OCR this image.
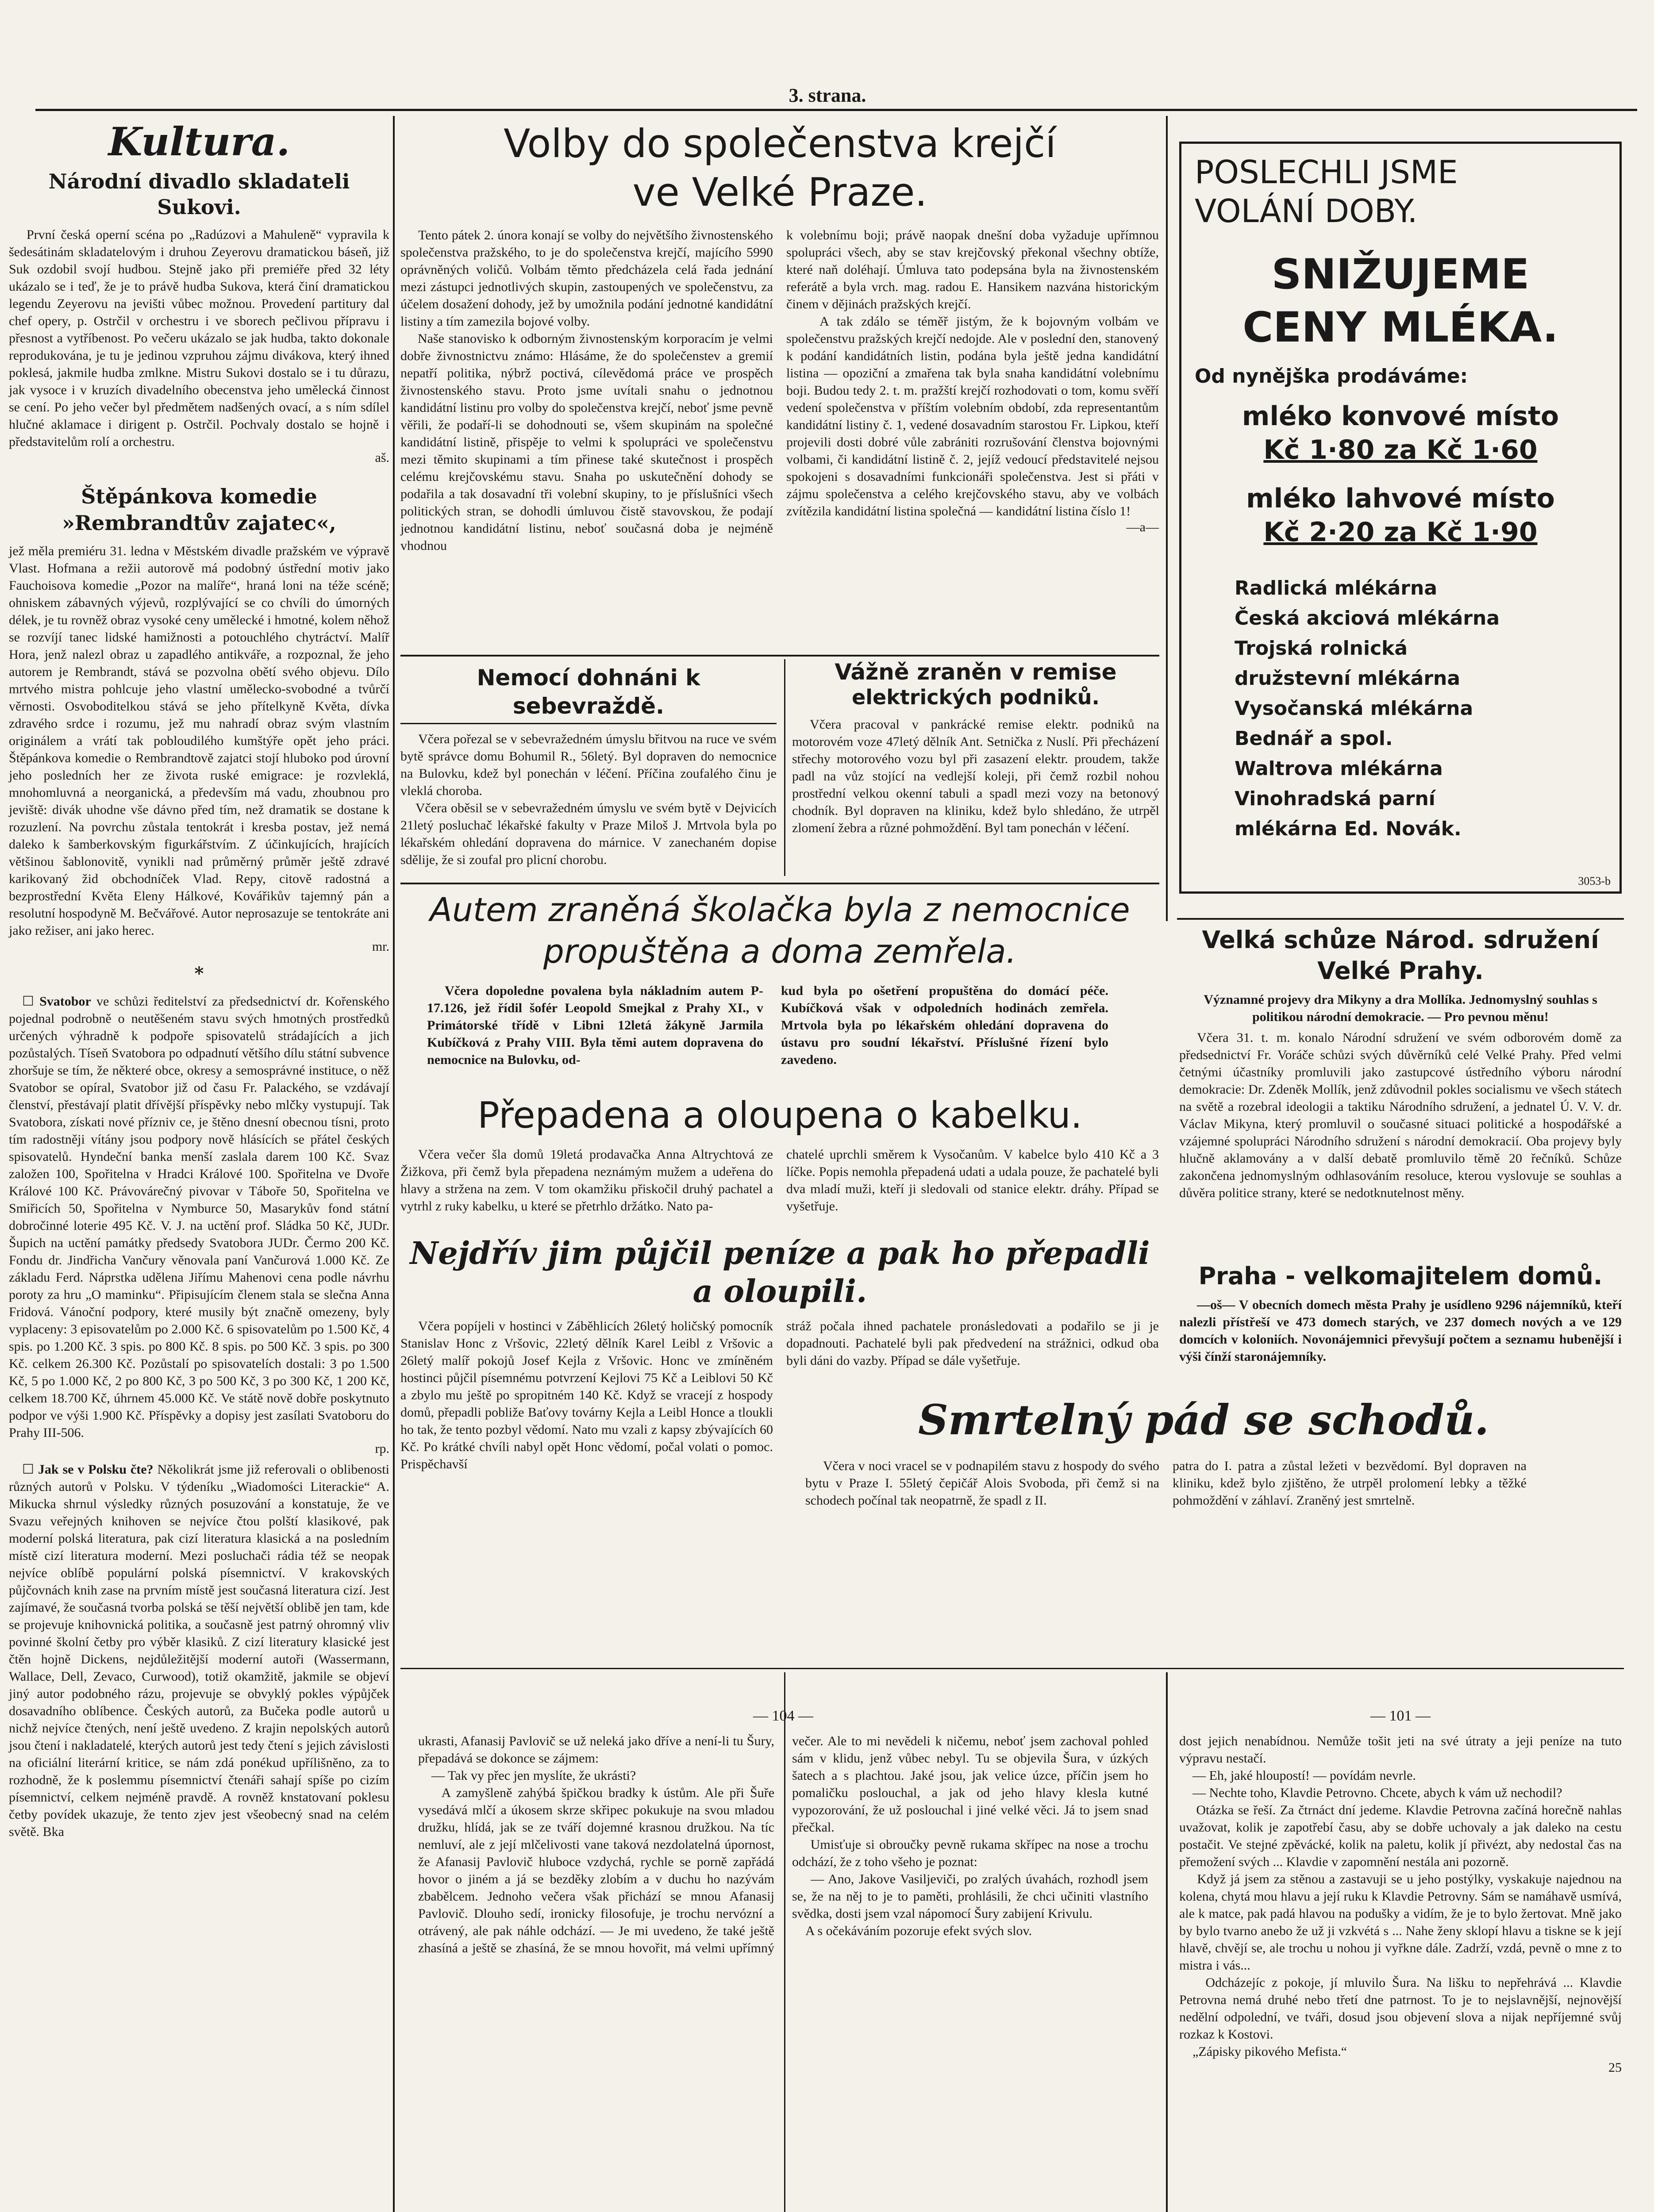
3. strana.
Kultura.
Národní divadlo skladateli Sukovi.

První česká operní scéna po „Radúzovi a Mahuleně“ vypravila k šedesátinám skladatelovým i druhou Zeyerovu dramatickou báseň, již Suk ozdobil svojí hudbou. Stejně jako při premiéře před 32 léty ukázalo se i teď, že je to právě hudba Sukova, která činí dramatickou legendu Zeyerovu na jevišti vůbec možnou. Provedení partitury dal chef opery, p. Ostrčil v orchestru i ve sborech pečlivou přípravu i přesnost a vytříbenost. Po večeru ukázalo se jak hudba, takto dokonale reprodukována, je tu je jedinou vzpruhou zájmu divákova, který ihned poklesá, jakmile hudba zmlkne. Mistru Sukovi dostalo se i tu důrazu, jak vysoce i v kruzích divadelního obecenstva jeho umělecká činnost se cení. Po jeho večer byl předmětem nadšených ovací, a s ním sdílel hlučné aklamace i dirigent p. Ostrčil. Pochvaly dostalo se hojně i představitelům rolí a orchestru.

aš.
Štěpánkova komedie »Rembrandtův zajatec«,

jež měla premiéru 31. ledna v Městském divadle pražském ve výpravě Vlast. Hofmana a režii autorově má podobný ústřední motiv jako Fauchoisova komedie „Pozor na malíře“, hraná loni na téže scéně; ohniskem zábavných výjevů, rozplývající se co chvíli do úmorných délek, je tu rovněž obraz vysoké ceny umělecké i hmotné, kolem něhož se rozvíjí tanec lidské hamižnosti a potouchlého chytráctví. Malíř Hora, jenž nalezl obraz u zapadlého antikváře, a rozpoznal, že jeho autorem je Rembrandt, stává se pozvolna obětí svého objevu. Dílo mrtvého mistra pohlcuje jeho vlastní umělecko-svobodné a tvůrčí věrnosti. Osvoboditelkou stává se jeho přítelkyně Květa, dívka zdravého srdce i rozumu, jež mu nahradí obraz svým vlastním originálem a vrátí tak pobloudilého kumštýře opět jeho práci. Štěpánkova komedie o Rembrandtově zajatci stojí hluboko pod úrovní jeho posledních her ze života ruské emigrace: je rozvleklá, mnohomluvná a neorganická, a především má vadu, zhoubnou pro jeviště: divák uhodne vše dávno před tím, než dramatik se dostane k rozuzlení. Na povrchu zůstala tentokrát i kresba postav, jež nemá daleko k šamberkovským figurkářstvím. Z účinkujících, hrajících většinou šablonovitě, vynikli nad průměrný průměr ještě zdravé karikovaný žid obchodníček Vlad. Repy, citově radostná a bezprostřední Květa Eleny Hálkové, Kovářikův tajemný pán a resolutní hospodyně M. Bečvářové. Autor neprosazuje se tentokráte ani jako režiser, ani jako herec.

mr.
*

☐ Svatobor ve schůzi ředitelství za předsednictví dr. Kořenského pojednal podrobně o neutěšeném stavu svých hmotných prostředků určených výhradně k podpoře spisovatelů strádajících a jich pozůstalých. Tíseň Svatobora po odpadnutí většího dílu státní subvence zhoršuje se tím, že některé obce, okresy a semosprávné instituce, o něž Svatobor se opíral, Svatobor již od času Fr. Palackého, se vzdávají členství, přestávají platit dřívější příspěvky nebo mlčky vystupují. Tak Svatobora, získati nové přízniv ce, je štěno dnesní obecnou tísni, proto tím radostněji vítány jsou podpory nově hlásících se přátel českých spisovatelů. Hyndeční banka menší zaslala darem 100 Kč. Svaz založen 100, Spořitelna v Hradci Králové 100. Spořitelna ve Dvoře Králové 100 Kč. Právovárečný pivovar v Táboře 50, Spořitelna ve Smiřicích 50, Spořitelna v Nymburce 50, Masarykův fond státní dobročinné loterie 495 Kč. V. J. na uctění prof. Sládka 50 Kč, JUDr. Šupich na uctění památky předsedy Svatobora JUDr. Čermo 200 Kč. Fondu dr. Jindřicha Vančury věnovala paní Vančurová 1.000 Kč. Ze základu Ferd. Náprstka udělena Jiřímu Mahenovi cena podle návrhu poroty za hru „O maminku“. Připisujícím členem stala se slečna Anna Fridová. Vánoční podpory, které musily být značně omezeny, byly vyplaceny: 3 episovatelům po 2.000 Kč. 6 spisovatelům po 1.500 Kč, 4 spis. po 1.200 Kč. 3 spis. po 800 Kč. 8 spis. po 500 Kč. 3 spis. po 300 Kč. celkem 26.300 Kč. Pozůstalí po spisovatelích dostali: 3 po 1.500 Kč, 5 po 1.000 Kč, 2 po 800 Kč, 3 po 500 Kč, 3 po 300 Kč, 1 200 Kč, celkem 18.700 Kč, úhrnem 45.000 Kč. Ve státě nově dobře poskytnuto podpor ve výši 1.900 Kč. Příspěvky a dopisy jest zasílati Svatoboru do Prahy III-506.

rp.

☐ Jak se v Polsku čte? Několikrát jsme již referovali o oblibenosti různých autorů v Polsku. V týdeníku „Wiadomości Literackie“ A. Mikucka shrnul výsledky různých posuzování a konstatuje, že ve Svazu veřejných knihoven se nejvíce čtou polští klasikové, pak moderní polská literatura, pak cizí literatura klasická a na posledním místě cizí literatura moderní. Mezi posluchači rádia též se neopak nejvíce oblíbě populární polská písemnictví. V krakovských půjčovnách knih zase na prvním místě jest současná literatura cizí. Jest zajímavé, že současná tvorba polská se těší největší oblibě jen tam, kde se projevuje knihovnická politika, a současně jest patrný ohromný vliv povinné školní četby pro výběr klasiků. Z cizí literatury klasické jest čtěn hojně Dickens, nejdůležitější moderní autoři (Wassermann, Wallace, Dell, Zevaco, Curwood), totiž okamžitě, jakmile se objeví jiný autor podobného rázu, projevuje se obvyklý pokles výpůjček dosavadního oblíbence. Českých autorů, za Bučeka podle autorů u nichž nejvíce čtených, není ještě uvedeno. Z krajin nepolských autorů jsou čtení i nakladatelé, kterých autorů jest tedy čtení s jejich závislosti na oficiální literární kritice, se nám zdá ponékud upřílišněno, za to rozhodně, že k poslemmu písemnictví čtenáři sahají spíše po cizím písemnictví, celkem nejméně pravdě. A rovněž knstatovaní poklesu četby povídek ukazuje, že tento zjev jest všeobecný snad na celém světě. Bka

Volby do společenstva krejčí
ve Velké Praze.

Tento pátek 2. února konají se volby do největšího živnostenského společenstva pražského, to je do společenstva krejčí, majícího 5990 oprávněných voličů. Volbám těmto předcházela celá řada jednání mezi zástupci jednotlivých skupin, zastoupených ve společenstvu, za účelem dosažení dohody, jež by umožnila podání jednotné kandidátní listiny a tím zamezila bojové volby.
Naše stanovisko k odborným živnostenským korporacím je velmi dobře živnostnictvu známo: Hlásáme, že do společenstev a gremií nepatří politika, nýbrž poctivá, cílevědomá práce ve prospěch živnostenského stavu. Proto jsme uvítali snahu o jednotnou kandidátní listinu pro volby do společenstva krejčí, neboť jsme pevně věřili, že podaří-li se dohodnouti se, všem skupinám na společné kandidátní listině, přispěje to velmi k spolupráci ve společenstvu mezi těmito skupinami a tím přinese také skutečnost i prospěch celému krejčovskému stavu. Snaha po uskutečnění dohody se podařila a tak dosavadní tři volební skupiny, to je příslušníci všech politických stran, se dohodli úmluvou čistě stavovskou, že podají jednotnou kandidátní listinu, neboť současná doba je nejméně vhodnou

k volebnímu boji; právě naopak dnešní doba vyžaduje upřímnou spolupráci všech, aby se stav krejčovský překonal všechny obtíže, které naň doléhají. Úmluva tato podepsána byla na živnostenském referátě a byla vrch. mag. radou E. Hansikem nazvána historickým činem v dějinách pražských krejčí.
A tak zdálo se téměř jistým, že k bojovným volbám ve společenstvu pražských krejčí nedojde. Ale v poslední den, stanovený k podání kandidátních listin, podána byla ještě jedna kandidátní listina — opoziční a zmařena tak byla snaha kandidátní volebnímu boji. Budou tedy 2. t. m. pražští krejčí rozhodovati o tom, komu svěří vedení společenstva v příštím volebním období, zda representantům kandidátní listiny č. 1, vedené dosavadním starostou Fr. Lipkou, kteří projevili dosti dobré vůle zabrániti rozrušování členstva bojovnými volbami, či kandidátní listině č. 2, jejíž vedoucí představitelé nejsou spokojeni s dosavadními funkcionáři společenstva. Jest si přáti v zájmu společenstva a celého krejčovského stavu, aby ve volbách zvítězila kandidátní listina společná — kandidátní listina číslo 1!

—a—
POSLECHLI JSME
VOLÁNÍ DOBY.
SNIŽUJEME
CENY MLÉKA.
Od nynějška prodáváme:
mléko konvové místo
Kč 1·80 za Kč 1·60
mléko lahvové místo
Kč 2·20 za Kč 1·90
Radlická mlékárna
Česká akciová mlékárna
Trojská rolnická družstevní mlékárna
Vysočanská mlékárna
Bednář a spol.
Waltrova mlékárna
Vinohradská parní mlékárna Ed. Novák.
3053-b
Nemocí dohnáni k sebevraždě.

Včera pořezal se v sebevražedném úmyslu břitvou na ruce ve svém bytě správce domu Bohumil R., 56letý. Byl dopraven do nemocnice na Bulovku, kdež byl ponechán v léčení. Příčina zoufalého činu je vleklá choroba.
Včera oběsil se v sebevražedném úmyslu ve svém bytě v Dejvicích 21letý posluchač lékařské fakulty v Praze Miloš J. Mrtvola byla po lékařském ohledání dopravena do márnice. V zanechaném dopise sdělije, že si zoufal pro plicní chorobu.

Vážně zraněn v remise
elektrických podniků.

Včera pracoval v pankrácké remise elektr. podniků na motorovém voze 47letý dělník Ant. Setnička z Nuslí. Při přecházení střechy motorového vozu byl při zasazení elektr. proudem, takže padl na vůz stojící na vedlejší koleji, při čemž rozbil nohou prostřední velkou okenní tabuli a spadl mezi vozy na betonový chodník. Byl dopraven na kliniku, kdež bylo shledáno, že utrpěl zlomení žebra a různé pohmoždění. Byl tam ponechán v léčení.

Autem zraněná školačka byla z nemocnice
propuštěna a doma zemřela.

Včera dopoledne povalena byla nákladním autem P-17.126, jež řídil šofér Leopold Smejkal z Prahy XI., v Primátorské třídě v Libni 12letá žákyně Jarmila Kubíčková z Prahy VIII. Byla těmi autem dopravena do nemocnice na Bulovku, od-

kud byla po ošetření propuštěna do domácí péče. Kubíčková však v odpoledních hodinách zemřela. Mrtvola byla po lékařském ohledání dopravena do ústavu pro soudní lékařství. Příslušné řízení bylo zavedeno.

Přepadena a oloupena o kabelku.

Včera večer šla domů 19letá prodavačka Anna Altrychtová ze Žižkova, při čemž byla přepadena neznámým mužem a udeřena do hlavy a stržena na zem. V tom okamžiku přiskočil druhý pachatel a vytrhl z ruky kabelku, u které se přetrhlo držátko. Nato pa-

chatelé uprchli směrem k Vysočanům. V kabelce bylo 410 Kč a 3 líčke. Popis nemohla přepadená udati a udala pouze, že pachatelé byli dva mladí muži, kteří ji sledovali od stanice elektr. dráhy. Případ se vyšetřuje.

Nejdřív jim půjčil peníze a pak ho přepadli
a oloupili.

Včera popíjeli v hostinci v Záběhlicích 26letý holičský pomocník Stanislav Honc z Vršovic, 22letý dělník Karel Leibl z Vršovic a 26letý malíř pokojů Josef Kejla z Vršovic. Honc ve zmíněném hostinci půjčil písemnému potvrzení Kejlovi 75 Kč a Leiblovi 50 Kč a zbylo mu ještě po spropitném 140 Kč. Když se vracejí z hospody domů, přepadli pobliže Baťovy továrny Kejla a Leibl Honce a tloukli ho tak, že tento pozbyl vědomí. Nato mu vzali z kapsy zbývajících 60 Kč. Po krátké chvíli nabyl opět Honc vědomí, počal volati o pomoc. Prispěchavší

stráž počala ihned pachatele pronásledovati a podařilo se ji je dopadnouti. Pachatelé byli pak předvedení na strážnici, odkud oba byli dáni do vazby. Případ se dále vyšetřuje.

Smrtelný pád se schodů.

Včera v noci vracel se v podnapilém stavu z hospody do svého bytu v Praze I. 55letý čepičář Alois Svoboda, při čemž si na schodech počínal tak neopatrně, že spadl z II.

patra do I. patra a zůstal ležeti v bezvědomí. Byl dopraven na kliniku, kdež bylo zjištěno, že utrpěl prolomení lebky a těžké pohmoždění v záhlaví. Zraněný jest smrtelně.

Velká schůze Národ. sdružení
Velké Prahy.

Významné projevy dra Mikyny a dra Mollíka. Jednomyslný souhlas s politikou národní demokracie. — Pro pevnou měnu!

Včera 31. t. m. konalo Národní sdružení ve svém odborovém domě za předsednictví Fr. Voráče schůzi svých důvěrníků celé Velké Prahy. Před velmi četnými účastníky promluvili jako zastupcové ústředního výboru národní demokracie: Dr. Zdeněk Mollík, jenž zdůvodnil pokles socialismu ve všech státech na světě a rozebral ideologii a taktiku Národního sdružení, a jednatel Ú. V. V. dr. Václav Mikyna, který promluvil o současné situaci politické a hospodářské a vzájemné spolupráci Národního sdružení s národní demokracií. Oba projevy byly hlučně aklamovány a v další debatě promluvilo těmě 20 řečníků. Schůze zakončena jednomyslným odhlasováním resoluce, kterou vyslovuje se souhlas a důvěra politice strany, které se nedotknutelnost měny.

Praha - velkomajitelem domů.

—oš— V obecních domech města Prahy je usídleno 9296 nájemníků, kteří nalezli přístřeší ve 473 domech starých, ve 237 domech nových a ve 129 domcích v koloniích. Novonájemnici převyšují počtem a seznamu hubenější i výši čínží staronájemníky.

— 104 —

ukrasti, Afanasij Pavlovič se už neleká jako dříve a není-li tu Šury, přepadává se dokonce se zájmem:
— Tak vy přec jen myslíte, že ukrásti?
A zamyšleně zahýbá špičkou bradky k ústům. Ale při Šuře vysedává mlčí a úkosem skrze skřipec pokukuje na svou mladou družku, hlídá, jak se ze tváří dojemné krasnou družkou. Na tíc nemluví, ale z její mlčelivosti vane taková nezdolatelná úpornost, že Afanasij Pavlovič hluboce vzdychá, rychle se porně zapřádá hovor o jiném a já se bezděky zlobím a v duchu ho nazývám zbabělcem. Jednoho večera však přichází se mnou Afanasij Pavlovič. Dlouho sedí, ironicky filosofuje, je trochu nervózní a otrávený, ale pak náhle odchází. — Je mi uvedeno, že také ještě zhasíná a ještě se zhasíná, že se mnou hovořit, má velmi upřímný večer. Ale to mi nevědeli k ničemu, neboť jsem zachoval pohled sám v klidu, jenž vůbec nebyl. Tu se objevila Šura, v úzkých šatech a s plachtou. Jaké jsou, jak velice úzce, příčin jsem ho pomaličku poslouchal, a jak od jeho hlavy klesla kutné vypozorování, že už poslouchal i jiné velké věci. Já to jsem snad přečkal.
Umisťuje si obroučky pevně rukama skřípec na nose a trochu odchází, že z toho všeho je poznat:
— Ano, Jakove Vasiljeviči, po zralých úvahách, rozhodl jsem se, že na něj to je to paměti, prohlásili, že chci učiniti vlastního svědka, dosti jsem vzal nápomocí Šury zabijení Krivulu.
A s očekáváním pozoruje efekt svých slov.

— 101 —

dost jejich nenabídnou. Nemůže tošit jeti na své útraty a jeji peníze na tuto výpravu nestačí.
— Eh, jaké hloupostí! — povídám nevrle.
— Nechte toho, Klavdie Petrovno. Chcete, abych k vám už nechodil?
Otázka se řeší. Za čtrnáct dní jedeme. Klavdie Petrovna začíná horečně nahlas uvažovat, kolik je zapotřebí času, aby se dobře uchovaly a jak daleko na cestu postačit. Ve stejné zpěvácké, kolik na paletu, kolik jí přivézt, aby nedostal čas na přemožení svých ... Klavdie v zapomnění nestála ani pozorně.
Když já jsem za stěnou a zastavuji se u jeho postýlky, vyskakuje najednou na kolena, chytá mou hlavu a její ruku k Klavdie Petrovny. Sám se namáhavě usmívá, ale k matce, pak padá hlavou na podušky a vidím, že je to bylo žertovat. Mně jako by bylo tvarno anebo že už ji vzkvétá s ... Nahe ženy sklopí hlavu a tiskne se k její hlavě, chvějí se, ale trochu u nohou ji vyřkne dále. Zadrží, vzdá, pevně o mne z to mistra i vás...
Odcházejíc z pokoje, jí mluvilo Šura. Na lišku to nepřehrává ... Klavdie Petrovna nemá druhé nebo třetí dne patrnost. To je to nejslavnější, nejnovější nedělní odpolední, ve tváři, dosud jsou objevení slova a nijak nepříjemné svůj rozkaz k Kostovi.
„Zápisky pikového Mefista.“

25
